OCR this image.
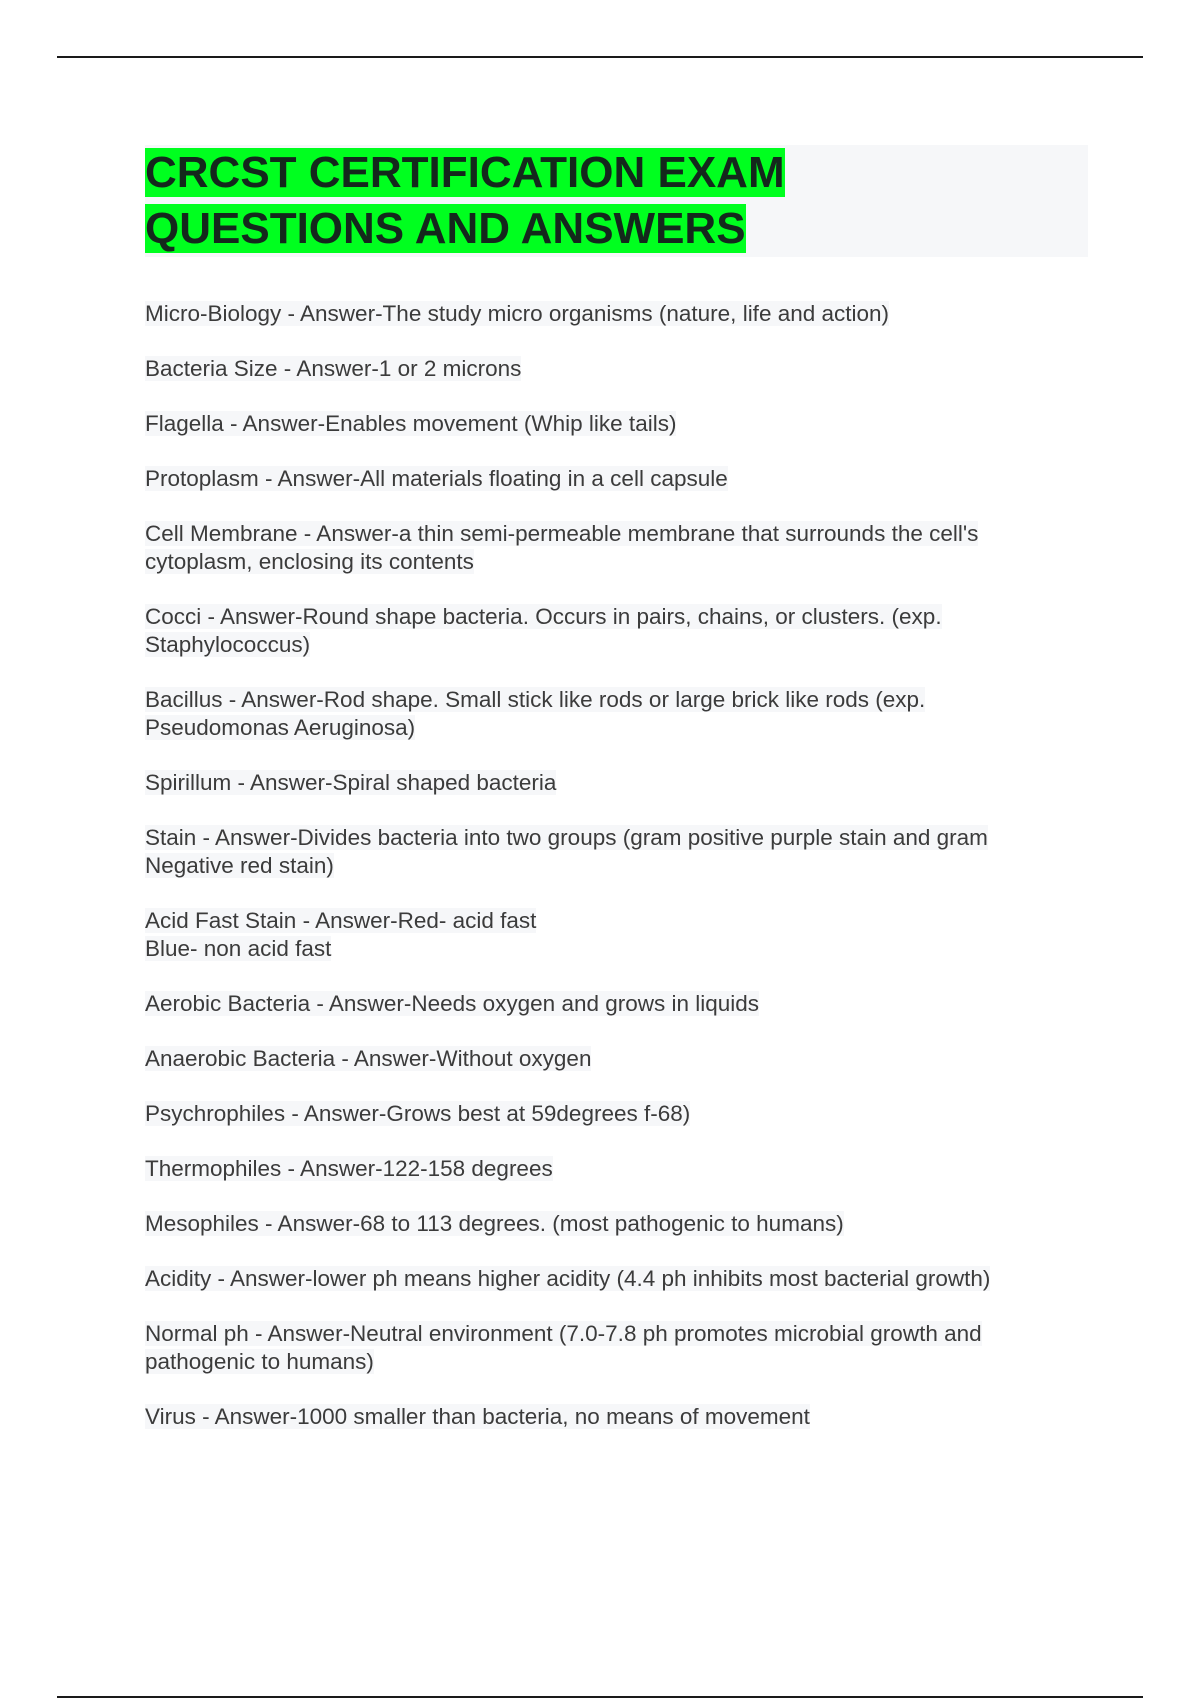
CRCST CERTIFICATION EXAM QUESTIONS AND ANSWERS
Micro-Biology - Answer-The study micro organisms (nature, life and action)
Bacteria Size - Answer-1 or 2 microns
Flagella - Answer-Enables movement (Whip like tails)
Protoplasm - Answer-All materials floating in a cell capsule
Cell Membrane - Answer-a thin semi-permeable membrane that surrounds the cell's cytoplasm, enclosing its contents
Cocci - Answer-Round shape bacteria. Occurs in pairs, chains, or clusters. (exp. Staphylococcus)
Bacillus - Answer-Rod shape. Small stick like rods or large brick like rods (exp. Pseudomonas Aeruginosa)
Spirillum - Answer-Spiral shaped bacteria
Stain - Answer-Divides bacteria into two groups (gram positive purple stain and gram Negative red stain)
Acid Fast Stain - Answer-Red- acid fast
Blue- non acid fast
Aerobic Bacteria - Answer-Needs oxygen and grows in liquids
Anaerobic Bacteria - Answer-Without oxygen
Psychrophiles - Answer-Grows best at 59degrees f-68)
Thermophiles - Answer-122-158 degrees
Mesophiles - Answer-68 to 113 degrees. (most pathogenic to humans)
Acidity - Answer-lower ph means higher acidity (4.4 ph inhibits most bacterial growth)
Normal ph - Answer-Neutral environment (7.0-7.8 ph promotes microbial growth and pathogenic to humans)
Virus - Answer-1000 smaller than bacteria, no means of movement
